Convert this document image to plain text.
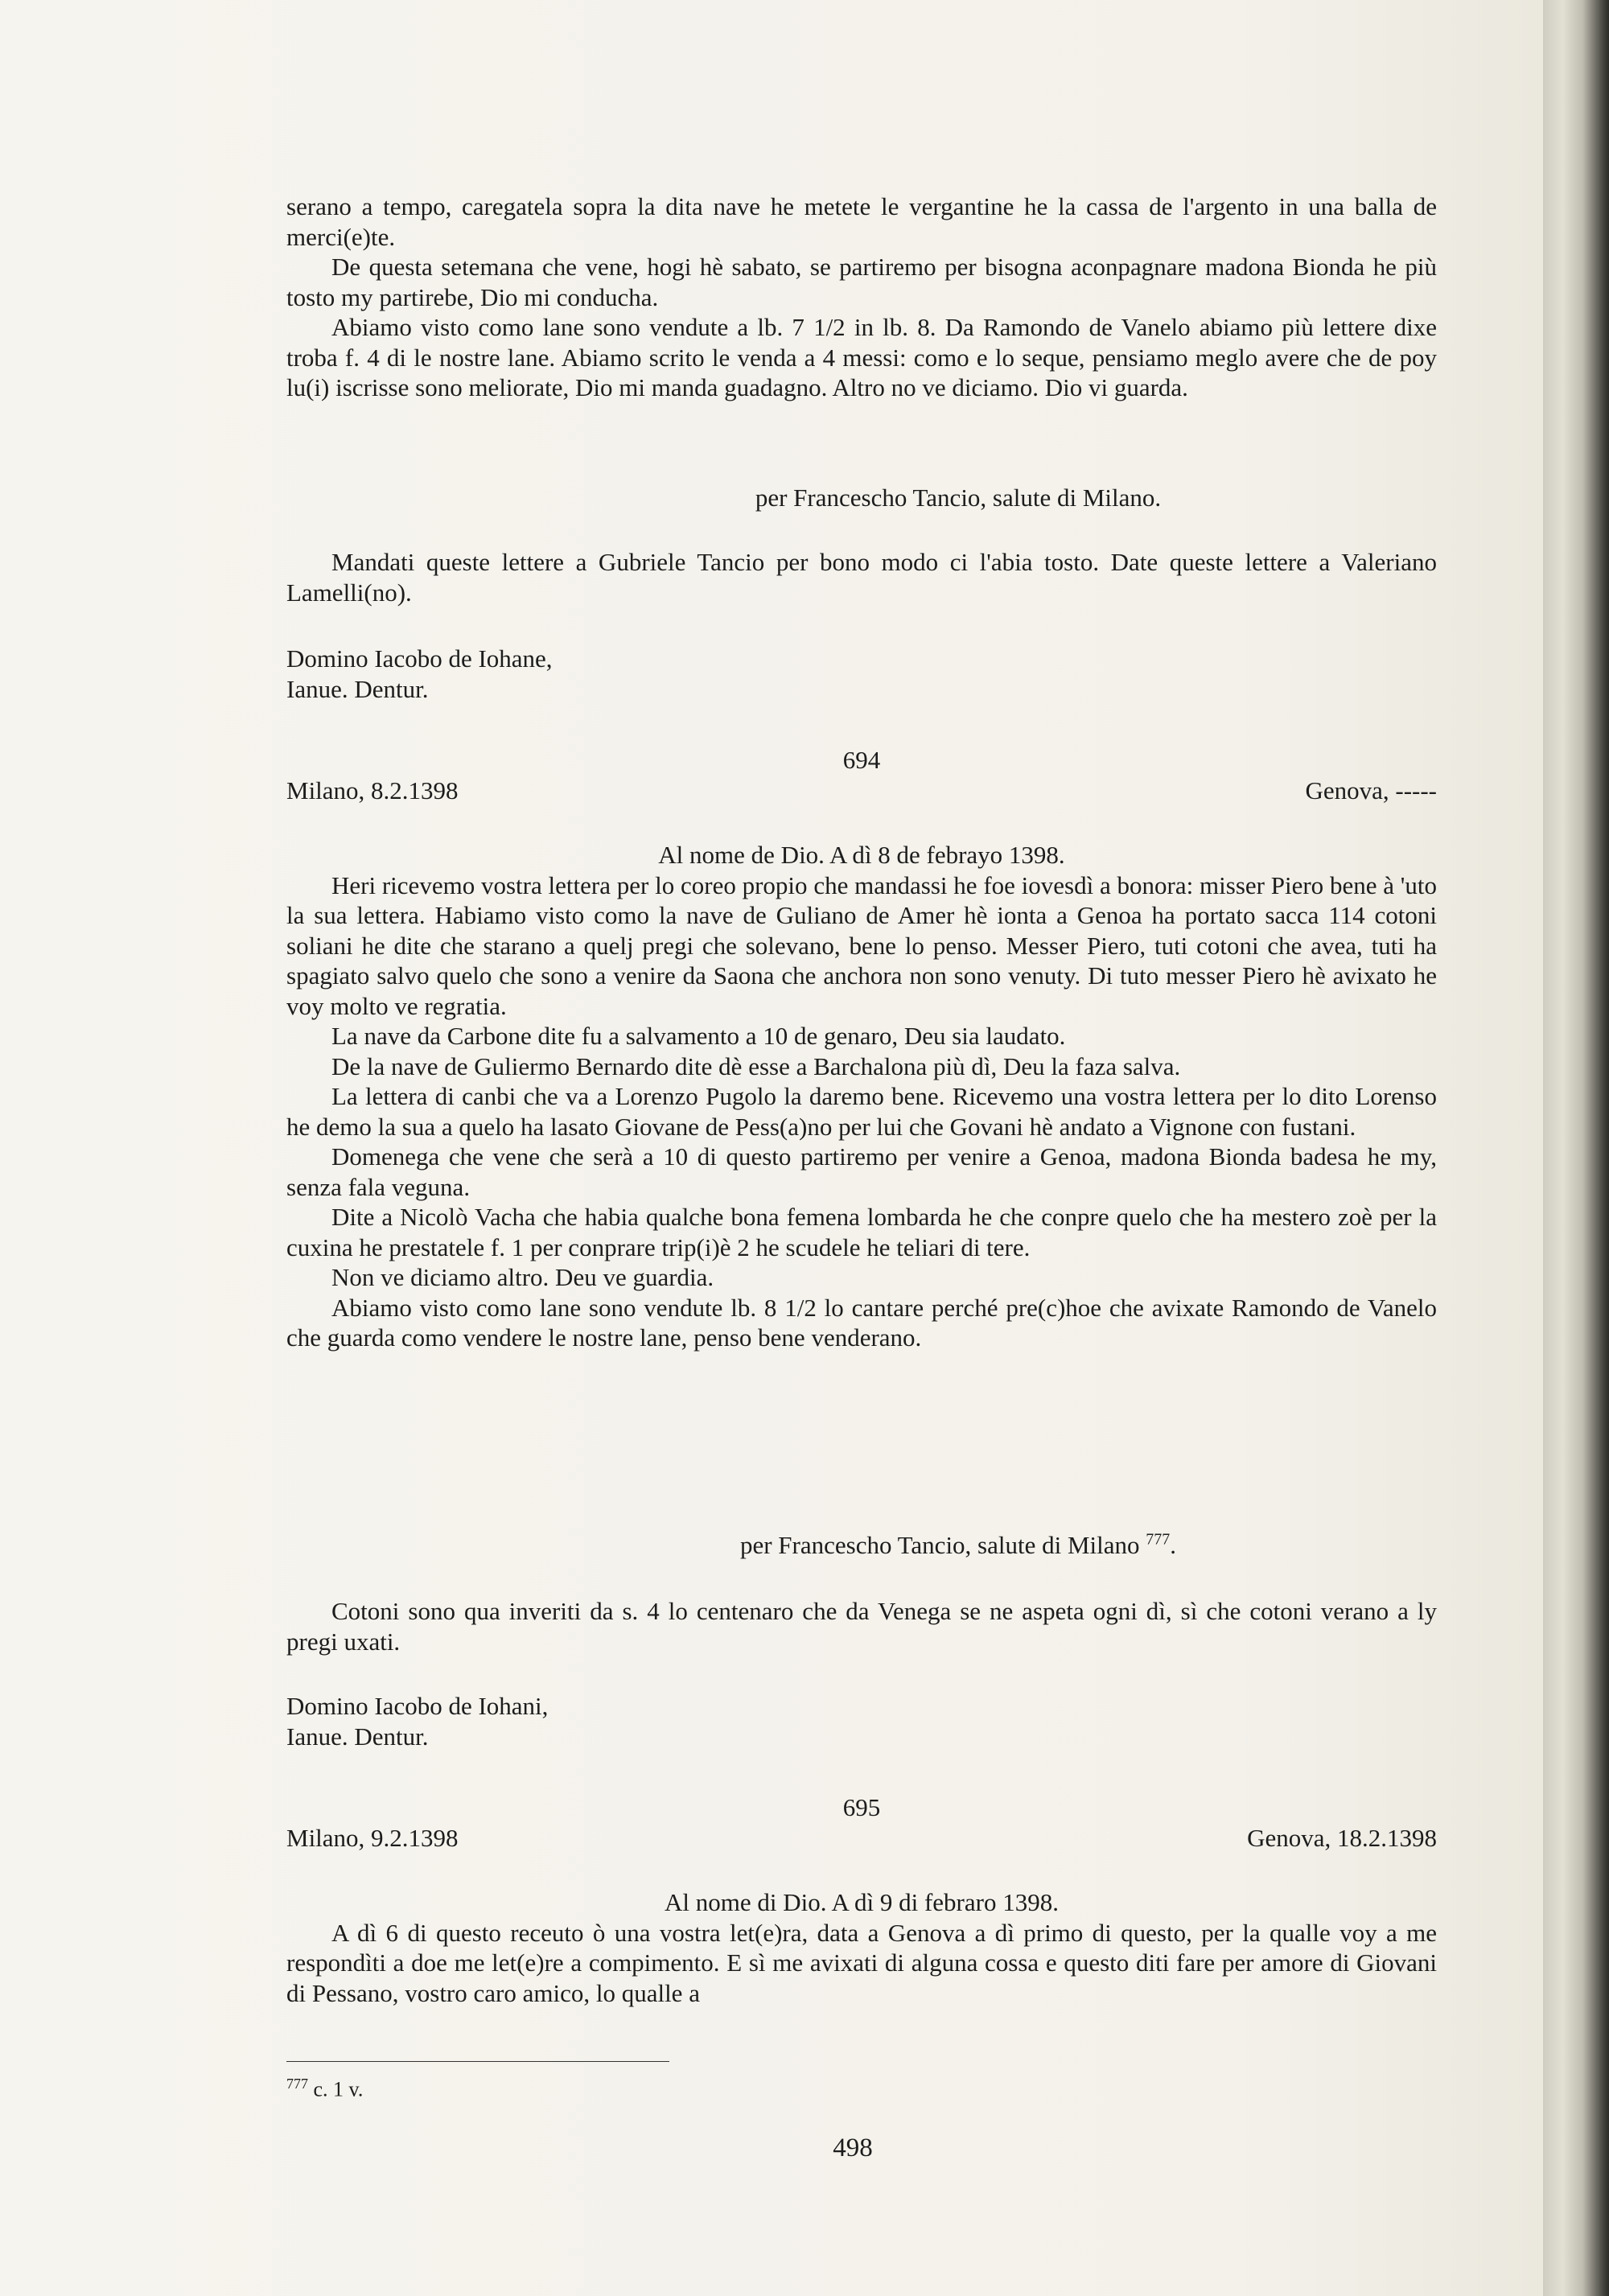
serano a tempo, caregatela sopra la dita nave he metete le vergantine he la cassa de l'argento in una balla de merci(e)te.

De questa setemana che vene, hogi hè sabato, se partiremo per bisogna aconpagnare madona Bionda he più tosto my partirebe, Dio mi conducha.

Abiamo visto como lane sono vendute a lb. 7 1/2 in lb. 8. Da Ramondo de Vanelo abiamo più lettere dixe troba f. 4 di le nostre lane. Abiamo scrito le venda a 4 messi: como e lo seque, pensiamo meglo avere che de poy lu(i) iscrisse sono meliorate, Dio mi manda guadagno. Altro no ve diciamo. Dio vi guarda.

per Francescho Tancio, salute di Milano.

Mandati queste lettere a Gubriele Tancio per bono modo ci l'abia tosto. Date queste lettere a Valeriano Lamelli(no).

Domino Iacobo de Iohane,

Ianue. Dentur.

694

Milano, 8.2.1398	Genova, -----

Al nome de Dio. A dì 8 de febrayo 1398.

Heri ricevemo vostra lettera per lo coreo propio che mandassi he foe iovesdì a bonora: misser Piero bene à 'uto la sua lettera. Habiamo visto como la nave de Guliano de Amer hè ionta a Genoa ha portato sacca 114 cotoni soliani he dite che starano a quelj pregi che solevano, bene lo penso. Messer Piero, tuti cotoni che avea, tuti ha spagiato salvo quelo che sono a venire da Saona che anchora non sono venuty. Di tuto messer Piero hè avixato he voy molto ve regratia.

La nave da Carbone dite fu a salvamento a 10 de genaro, Deu sia laudato.

De la nave de Guliermo Bernardo dite dè esse a Barchalona più dì, Deu la faza salva.

La lettera di canbi che va a Lorenzo Pugolo la daremo bene. Ricevemo una vostra lettera per lo dito Lorenso he demo la sua a quelo ha lasato Giovane de Pess(a)no per lui che Govani hè andato a Vignone con fustani.

Domenega che vene che serà a 10 di questo partiremo per venire a Genoa, madona Bionda badesa he my, senza fala veguna.

Dite a Nicolò Vacha che habia qualche bona femena lombarda he che conpre quelo che ha mestero zoè per la cuxina he prestatele f. 1 per conprare trip(i)è 2 he scudele he teliari di tere.

Non ve diciamo altro. Deu ve guardia.

Abiamo visto como lane sono vendute lb. 8 1/2 lo cantare perché pre(c)hoe che avixate Ramondo de Vanelo che guarda como vendere le nostre lane, penso bene venderano.

per Francescho Tancio, salute di Milano $^{777}$.

Cotoni sono qua inveriti da s. 4 lo centenaro che da Venega se ne aspeta ogni dì, sì che cotoni verano a ly pregi uxati.

Domino Iacobo de Iohani,

Ianue. Dentur.

695

Milano, 9.2.1398	Genova, 18.2.1398

Al nome di Dio. A dì 9 di febraro 1398.

A dì 6 di questo receuto ò una vostra let(e)ra, data a Genova a dì primo di questo, per la qualle voy a me respondìti a doe me let(e)re a compimento. E sì me avixati di alguna cossa e questo diti fare per amore di Giovani di Pessano, vostro caro amico, lo qualle a

$^{777}$ c. 1 v.
498
